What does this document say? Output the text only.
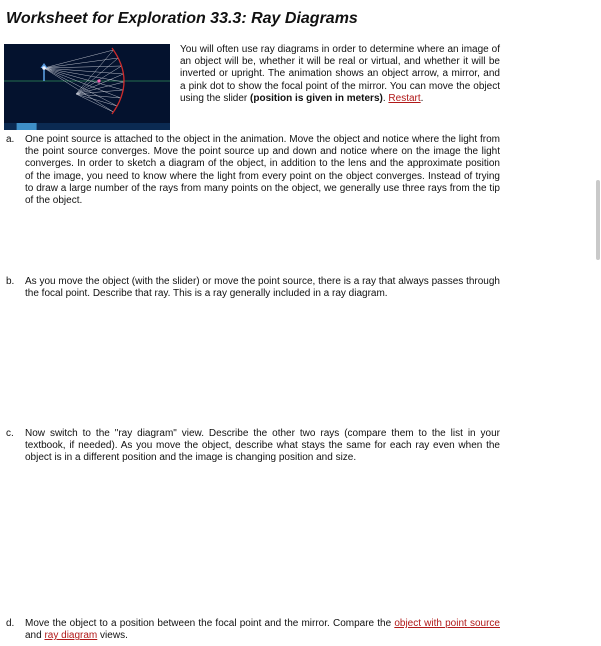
Worksheet for Exploration 33.3: Ray Diagrams
You will often use ray diagrams in order to determine where an image of an object will be, whether it will be real or virtual, and whether it will be inverted or upright. The animation shows an object arrow, a mirror, and a pink dot to show the focal point of the mirror. You can move the object using the slider (position is given in meters). Restart.
a. One point source is attached to the object in the animation. Move the object and notice where the light from the point source converges. Move the point source up and down and notice where on the image the light converges. In order to sketch a diagram of the object, in addition to the lens and the approximate position of the image, you need to know where the light from every point on the object converges. Instead of trying to draw a large number of the rays from many points on the object, we generally use three rays from the tip of the object.
b. As you move the object (with the slider) or move the point source, there is a ray that always passes through the focal point. Describe that ray. This is a ray generally included in a ray diagram.
c. Now switch to the "ray diagram" view. Describe the other two rays (compare them to the list in your textbook, if needed). As you move the object, describe what stays the same for each ray even when the object is in a different position and the image is changing position and size.
d. Move the object to a position between the focal point and the mirror. Compare the object with point source and ray diagram views.
